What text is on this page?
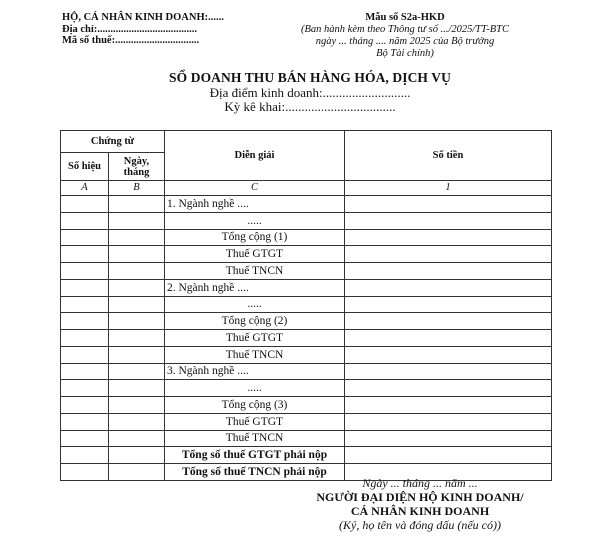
HỘ, CÁ NHÂN KINH DOANH:......
Địa chỉ:......................................
Mã số thuế:................................
Mẫu số S2a-HKD
(Ban hành kèm theo Thông tư số .../2025/TT-BTC
ngày ... tháng .... năm 2025 của Bộ trưởng
Bộ Tài chính)
SỔ DOANH THU BÁN HÀNG HÓA, DỊCH VỤ
Địa điểm kinh doanh:...........................
Kỳ kê khai:..................................
Chứng từ		Diễn giải	Số tiền
Số hiệu	Ngày,
tháng		

A	B	C	1
		1. Ngành nghề ....	
		.....	
		Tổng cộng (1)	
		Thuế GTGT	
		Thuế TNCN	
		2. Ngành nghề ....	
		.....	
		Tổng cộng (2)	
		Thuế GTGT	
		Thuế TNCN	
		3. Ngành nghề ....	
		.....	
		Tổng cộng (3)	
		Thuế GTGT	
		Thuế TNCN	
		Tổng số thuế GTGT phải nộp	
		Tổng số thuế TNCN phải nộp	
Ngày ... tháng ... năm ...
NGƯỜI ĐẠI DIỆN HỘ KINH DOANH/
CÁ NHÂN KINH DOANH
(Ký, họ tên và đóng dấu (nếu có))
